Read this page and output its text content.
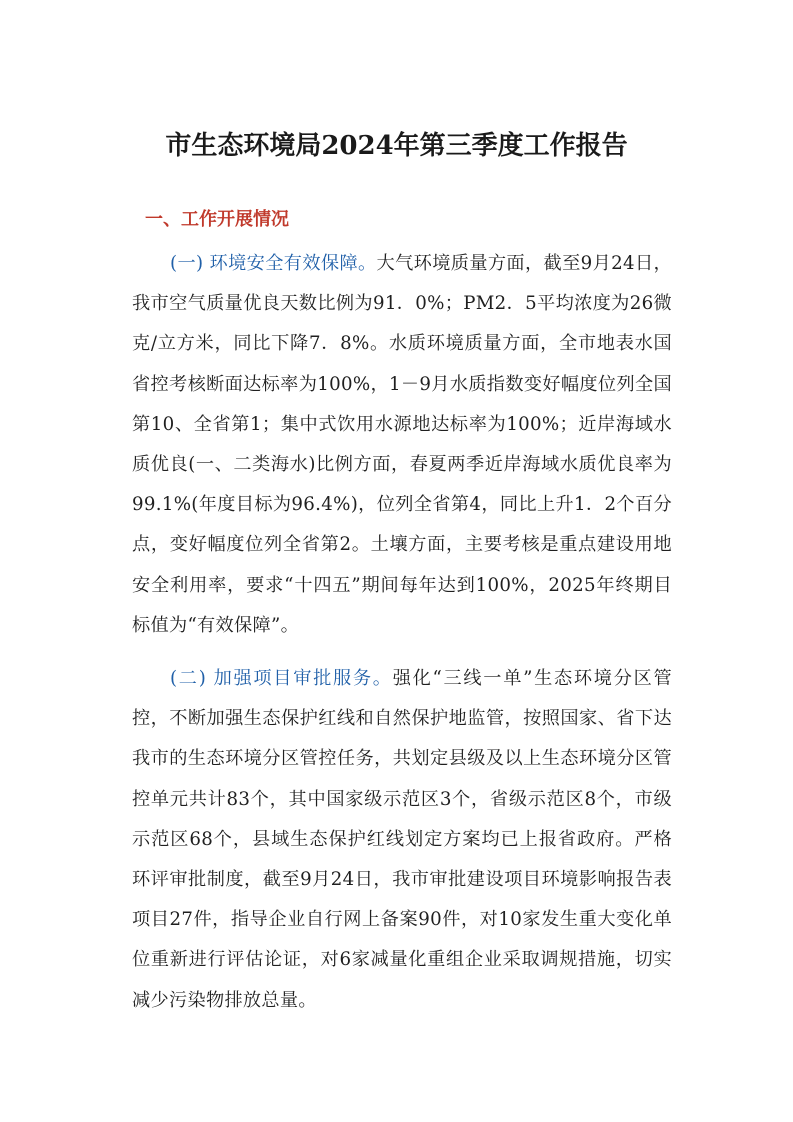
市生态环境局2024年第三季度工作报告
一、工作开展情况

(一) 环境安全有效保障。大气环境质量方面，截至9月24日，我市空气质量优良天数比例为91．0%；PM2．5平均浓度为26微克/立方米，同比下降7．8%。水质环境质量方面，全市地表水国省控考核断面达标率为100%，1－9月水质指数变好幅度位列全国第10、全省第1；集中式饮用水源地达标率为100%；近岸海域水质优良(一、二类海水)比例方面，春夏两季近岸海域水质优良率为99.1%(年度目标为96.4%)，位列全省第4，同比上升1．2个百分点，变好幅度位列全省第2。土壤方面，主要考核是重点建设用地安全利用率，要求“十四五”期间每年达到100%，2025年终期目标值为“有效保障”。

(二) 加强项目审批服务。强化“三线一单”生态环境分区管控，不断加强生态保护红线和自然保护地监管，按照国家、省下达我市的生态环境分区管控任务，共划定县级及以上生态环境分区管控单元共计83个，其中国家级示范区3个，省级示范区8个，市级示范区68个，县域生态保护红线划定方案均已上报省政府。严格环评审批制度，截至9月24日，我市审批建设项目环境影响报告表项目27件，指导企业自行网上备案90件，对10家发生重大变化单位重新进行评估论证，对6家减量化重组企业采取调规措施，切实减少污染物排放总量。
